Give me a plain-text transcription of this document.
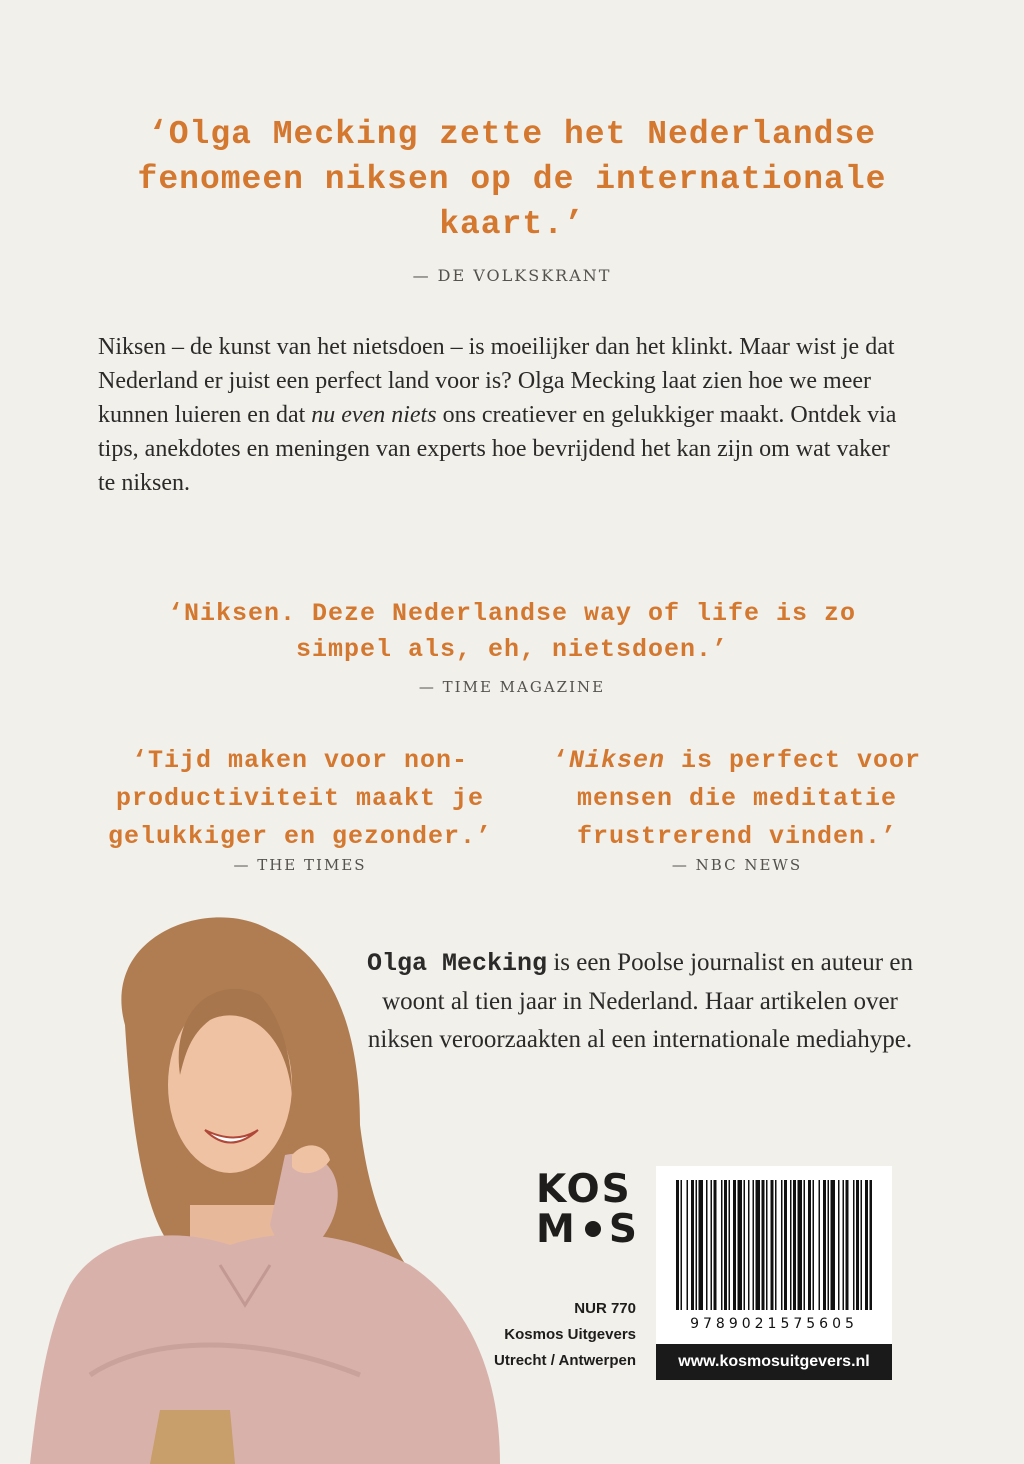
‘Olga Mecking zette het Nederlandse fenomeen niksen op de internationale kaart.’
— DE VOLKSKRANT
Niksen – de kunst van het nietsdoen – is moeilijker dan het klinkt. Maar wist je dat Nederland er juist een perfect land voor is? Olga Mecking laat zien hoe we meer kunnen luieren en dat nu even niets ons creatiever en gelukkiger maakt. Ontdek via tips, anekdotes en meningen van experts hoe bevrijdend het kan zijn om wat vaker te niksen.
‘Niksen. Deze Nederlandse way of life is zo simpel als, eh, nietsdoen.’
— TIME MAGAZINE
‘Tijd maken voor non-productiviteit maakt je gelukkiger en gezonder.’
— THE TIMES
‘Niksen is perfect voor mensen die meditatie frustrerend vinden.’
— NBC NEWS
Olga Mecking is een Poolse journalist en auteur en woont al tien jaar in Nederland. Haar artikelen over niksen veroorzaakten al een internationale mediahype.
KOS
M S
NUR 770
Kosmos Uitgevers
Utrecht / Antwerpen
9789021575605
www.kosmosuitgevers.nl
